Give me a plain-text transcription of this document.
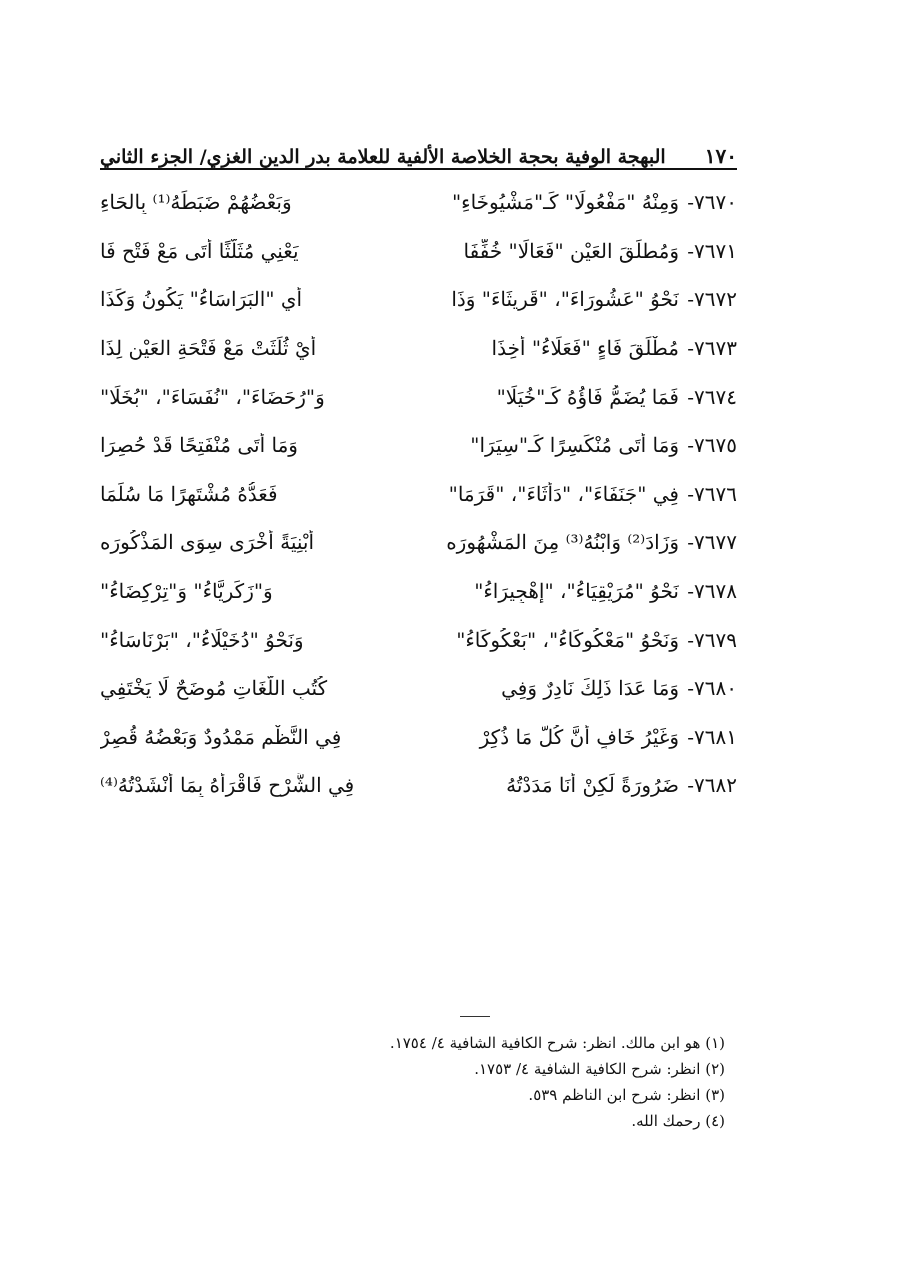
١٧٠
البهجة الوفية بحجة الخلاصة الألفية للعلامة بدر الدين الغزي/ الجزء الثاني
٧٦٧٠-
وَمِنْهُ "مَفْعُولَا" كَـ"مَشْيُوخَاءِ"
وَبَعْضُهُمْ ضَبَطَهُ⁽¹⁾ بِالحَاءِ
٧٦٧١-
وَمُطلَقَ العَيْنِ "فَعَالَا" خُفِّفَا
يَعْنِي مُثَلَّثًا أَتَى مَعْ فَتْحِ فَا
٧٦٧٢-
نَحْوُ "عَشُورَاءَ"، "قَرِيثَاءَ" وَذَا
أَيِ "البَرَاسَاءُ" يَكُونُ وَكَذَا
٧٦٧٣-
مُطْلَقَ فَاءٍ "فَعَلَاءُ" أُخِذَا
أَيْ ثُلِّثَتْ مَعْ فَتْحَةِ العَيْنِ لِذَا
٧٦٧٤-
فَمَا يُضَمُّ فَاؤُهُ كَـ"خُيَلَا"
وَ"رُحَضَاءَ"، "نُفَسَاءَ"، "بُخَلَا"
٧٦٧٥-
وَمَا أَتَى مُنْكَسِرًا كَـ"سِيَرَا"
وَمَا أَتَى مُنْفَتِحًا قَدْ حُصِرَا
٧٦٧٦-
فِي "جَنَفَاءَ"، "دَأَثَاءَ"، "قَرَمَا"
فَعَدُّهُ مُشْتَهِرًا مَا سُلِّمَا
٧٦٧٧-
وَزَادَ⁽²⁾ وَابْنُهُ⁽³⁾ مِنَ المَشْهُورَه
أَبْنِيَةً أُخْرَى سِوَى المَذْكُورَه
٧٦٧٨-
نَحْوُ "مُرَيْقِيَاءُ"، "إِهْجِيرَاءُ"
وَ"زَكَرِيَّاءُ" وَ"تِرْكِضَاءُ"
٧٦٧٩-
وَنَحْوُ "مَعْكُوكَاءُ"، "بَعْكُوكَاءُ"
وَنَحْوُ "دُخَيْلَاءُ"، "بَرْنَاسَاءُ"
٧٦٨٠-
وَمَا عَدَا ذَلِكَ نَادِرٌ وَفِي
كُتُبِ اللُّغَاتِ مُوضَحٌ لَا يَخْتَفِي
٧٦٨١-
وَغَيْرُ خَافٍ أَنَّ كُلَّ مَا ذُكِرْ
فِي النَّظْمِ مَمْدُودٌ وَبَعْضُهُ قُصِرْ
٧٦٨٢-
ضَرُورَةً لَكِنْ أَنَا مَدَدْتُهُ
فِي الشَّرْحِ فَاقْرَأْهُ بِمَا أَنْشَدْتُهُ⁽⁴⁾
(١) هو ابن مالك. انظر: شرح الكافية الشافية ٤/ ١٧٥٤.
(٢) انظر: شرح الكافية الشافية ٤/ ١٧٥٣.
(٣) انظر: شرح ابن الناظم ٥٣٩.
(٤) رحمك الله.
